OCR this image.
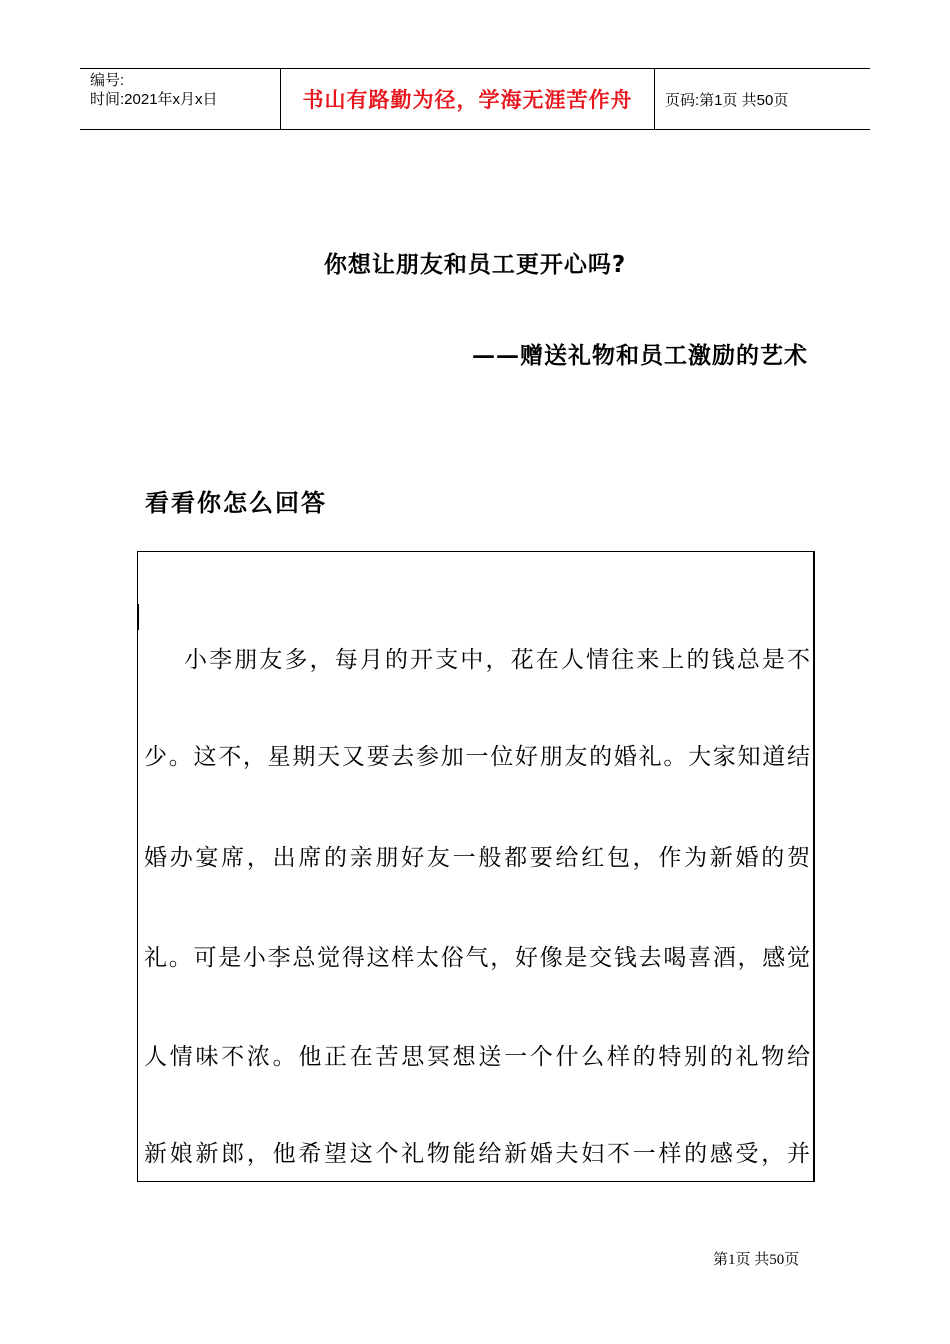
编号:
时间:2021年x月x日	书山有路勤为径，学海无涯苦作舟 页码:第1页 共50页
你想让朋友和员工更开心吗?
——赠送礼物和员工激励的艺术
看看你怎么回答
小李朋友多，每月的开支中，花在人情往来上的钱总是不
少。这不，星期天又要去参加一位好朋友的婚礼。大家知道结
婚办宴席，出席的亲朋好友一般都要给红包，作为新婚的贺
礼。可是小李总觉得这样太俗气，好像是交钱去喝喜酒，感觉
人情味不浓。他正在苦思冥想送一个什么样的特别的礼物给
新娘新郎，他希望这个礼物能给新婚夫妇不一样的感受，并
第1页 共50页
